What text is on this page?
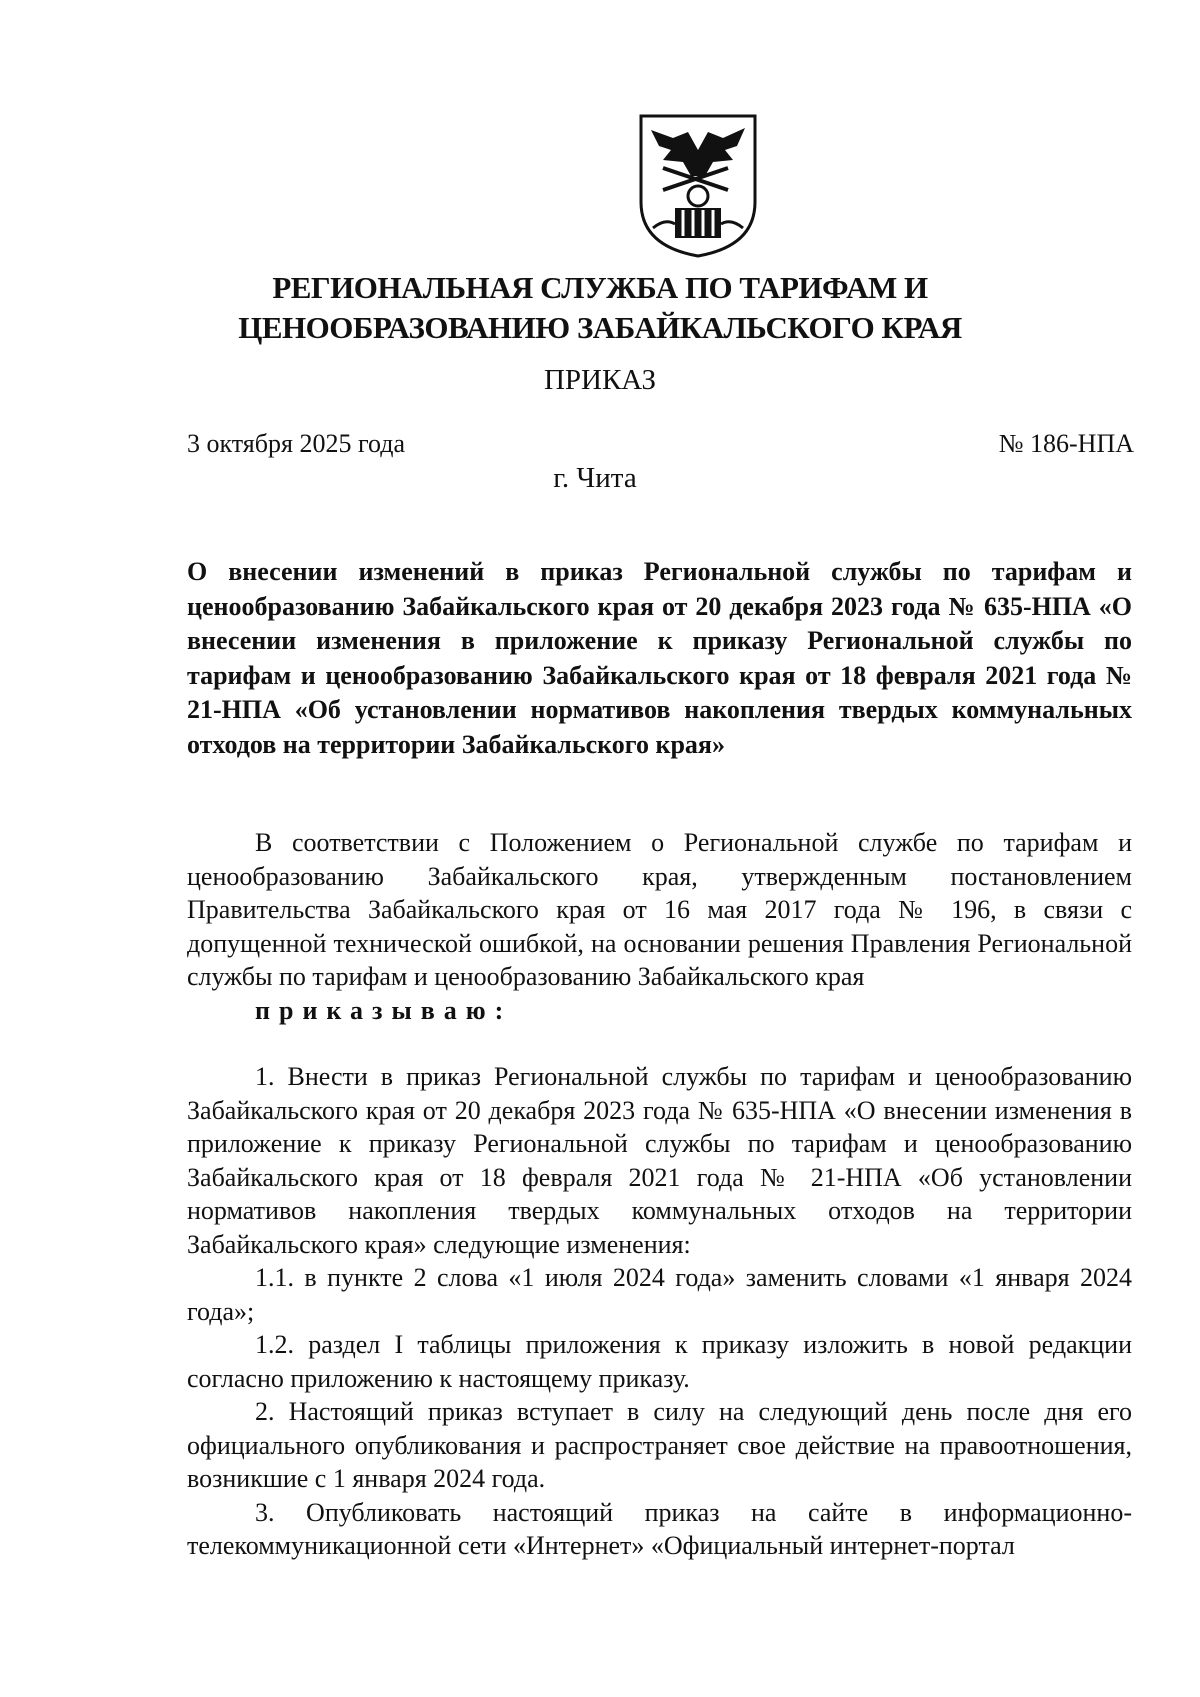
РЕГИОНАЛЬНАЯ СЛУЖБА ПО ТАРИФАМ И
ЦЕНООБРАЗОВАНИЮ ЗАБАЙКАЛЬСКОГО КРАЯ
ПРИКАЗ
3 октября 2025 года	№ 186-НПА
г. Чита
О внесении изменений в приказ Региональной службы по тарифам и ценообразованию Забайкальского края от 20 декабря 2023 года № 635-НПА «О внесении изменения в приложение к приказу Региональной службы по тарифам и ценообразованию Забайкальского края от 18 февраля 2021 года № 21-НПА «Об установлении нормативов накопления твердых коммунальных отходов на территории Забайкальского края»

В соответствии с Положением о Региональной службе по тарифам и ценообразованию Забайкальского края, утвержденным постановлением Правительства Забайкальского края от 16 мая 2017 года № 196, в связи с допущенной технической ошибкой, на основании решения Правления Региональной службы по тарифам и ценообразованию Забайкальского края
приказываю:

1. Внести в приказ Региональной службы по тарифам и ценообразованию Забайкальского края от 20 декабря 2023 года № 635-НПА «О внесении изменения в приложение к приказу Региональной службы по тарифам и ценообразованию Забайкальского края от 18 февраля 2021 года № 21-НПА «Об установлении нормативов накопления твердых коммунальных отходов на территории Забайкальского края» следующие изменения:

1.1. в пункте 2 слова «1 июля 2024 года» заменить словами «1 января 2024 года»;

1.2. раздел I таблицы приложения к приказу изложить в новой редакции согласно приложению к настоящему приказу.

2. Настоящий приказ вступает в силу на следующий день после дня его официального опубликования и распространяет свое действие на правоотношения, возникшие с 1 января 2024 года.

3. Опубликовать настоящий приказ на сайте в информационно-телекоммуникационной сети «Интернет» «Официальный интернет-портал
